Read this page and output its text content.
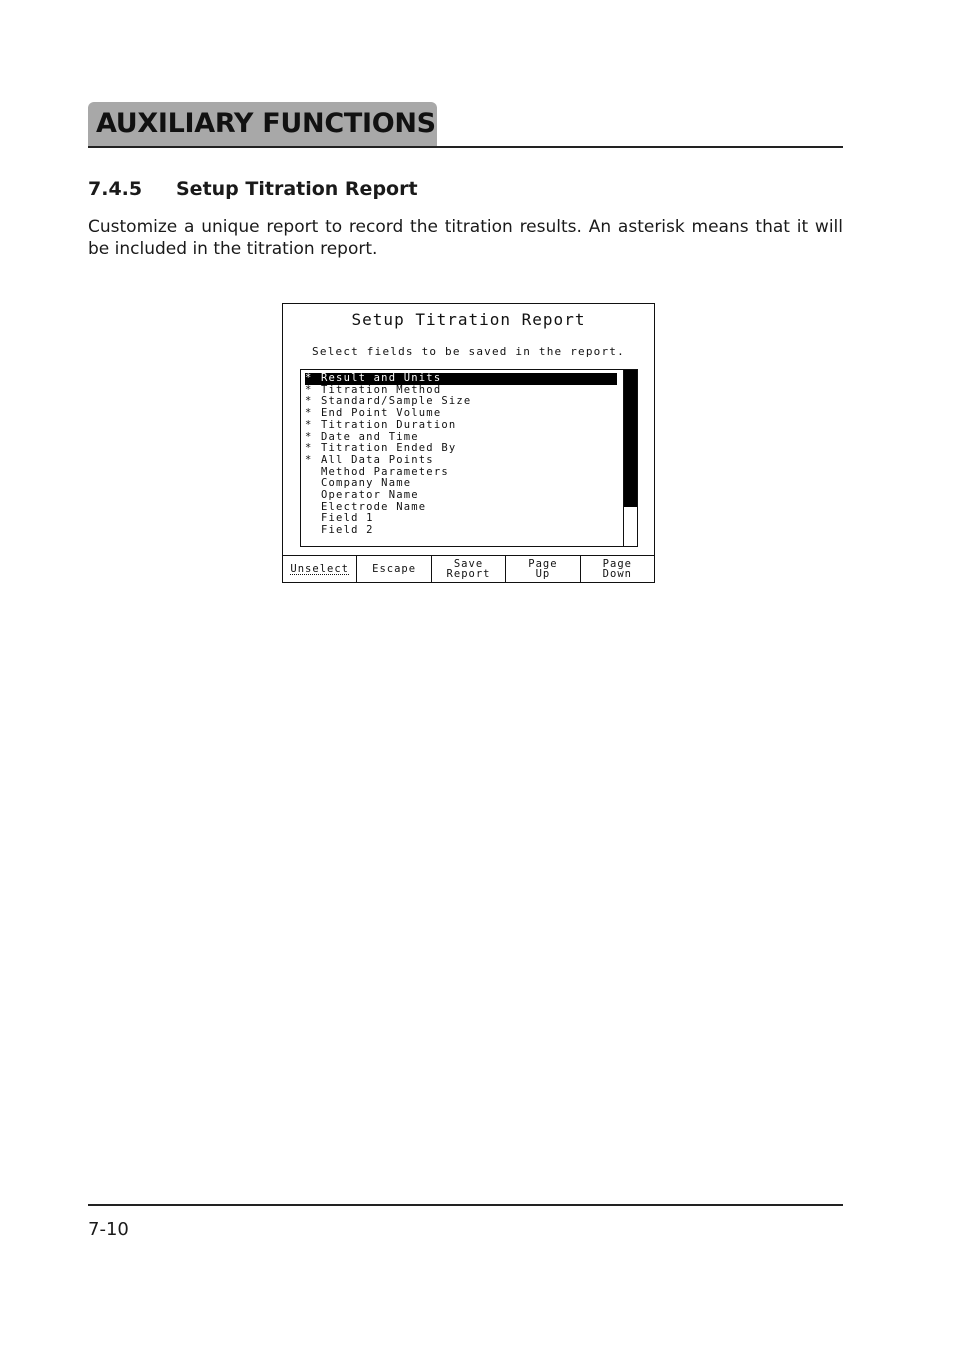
AUXILIARY FUNCTIONS
7.4.5 Setup Titration Report

Customize a unique report to record the titration results. An asterisk means that it will be included in the titration report.

Setup Titration Report
Select fields to be saved in the report.
* Result and Units
* Titration Method
* Standard/Sample Size
* End Point Volume
* Titration Duration
* Date and Time
* Titration Ended By
* All Data Points
Method Parameters
Company Name
Operator Name
Electrode Name
Field 1
Field 2
Unselect Escape	Save
Report
Page
Up
Page
Down
7-10
